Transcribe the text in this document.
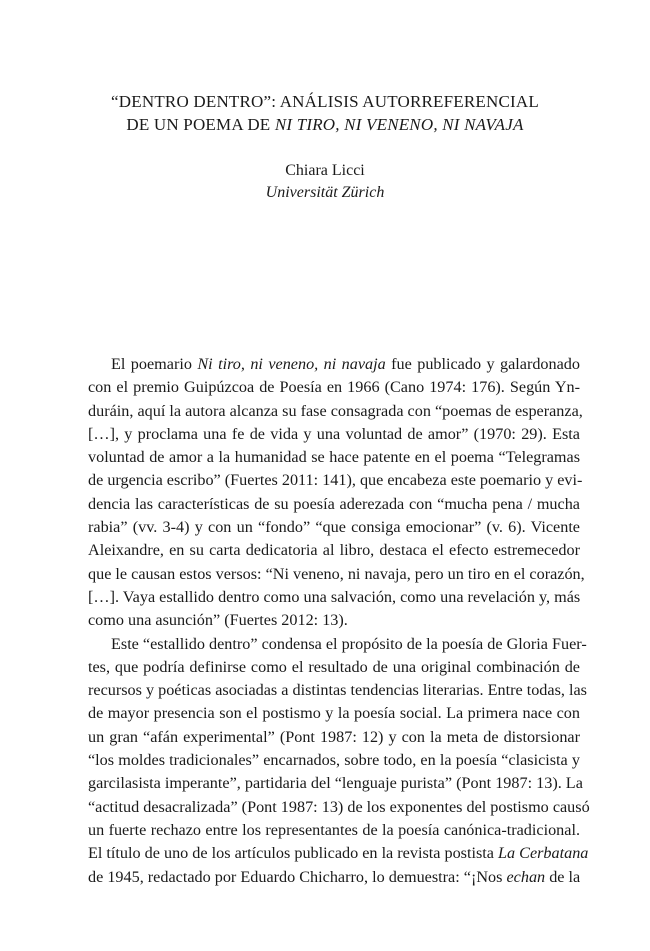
“DENTRO DENTRO”: ANÁLISIS AUTORREFERENCIAL
DE UN POEMA DE NI TIRO, NI VENENO, NI NAVAJA
Chiara Licci
Universität Zürich
El poemario Ni tiro, ni veneno, ni navaja fue publicado y galardonado
con el premio Guipúzcoa de Poesía en 1966 (Cano 1974: 176). Según Yn-
duráin, aquí la autora alcanza su fase consagrada con “poemas de esperanza,
[…], y proclama una fe de vida y una voluntad de amor” (1970: 29). Esta
voluntad de amor a la humanidad se hace patente en el poema “Telegramas
de urgencia escribo” (Fuertes 2011: 141), que encabeza este poemario y evi-
dencia las características de su poesía aderezada con “mucha pena / mucha
rabia” (vv. 3-4) y con un “fondo” “que consiga emocionar” (v. 6). Vicente
Aleixandre, en su carta dedicatoria al libro, destaca el efecto estremecedor
que le causan estos versos: “Ni veneno, ni navaja, pero un tiro en el corazón,
[…]. Vaya estallido dentro como una salvación, como una revelación y, más
como una asunción” (Fuertes 2012: 13).
Este “estallido dentro” condensa el propósito de la poesía de Gloria Fuer-
tes, que podría definirse como el resultado de una original combinación de
recursos y poéticas asociadas a distintas tendencias literarias. Entre todas, las
de mayor presencia son el postismo y la poesía social. La primera nace con
un gran “afán experimental” (Pont 1987: 12) y con la meta de distorsionar
“los moldes tradicionales” encarnados, sobre todo, en la poesía “clasicista y
garcilasista imperante”, partidaria del “lenguaje purista” (Pont 1987: 13). La
“actitud desacralizada” (Pont 1987: 13) de los exponentes del postismo causó
un fuerte rechazo entre los representantes de la poesía canónica-tradicional.
El título de uno de los artículos publicado en la revista postista La Cerbatana
de 1945, redactado por Eduardo Chicharro, lo demuestra: “¡Nos echan de la
